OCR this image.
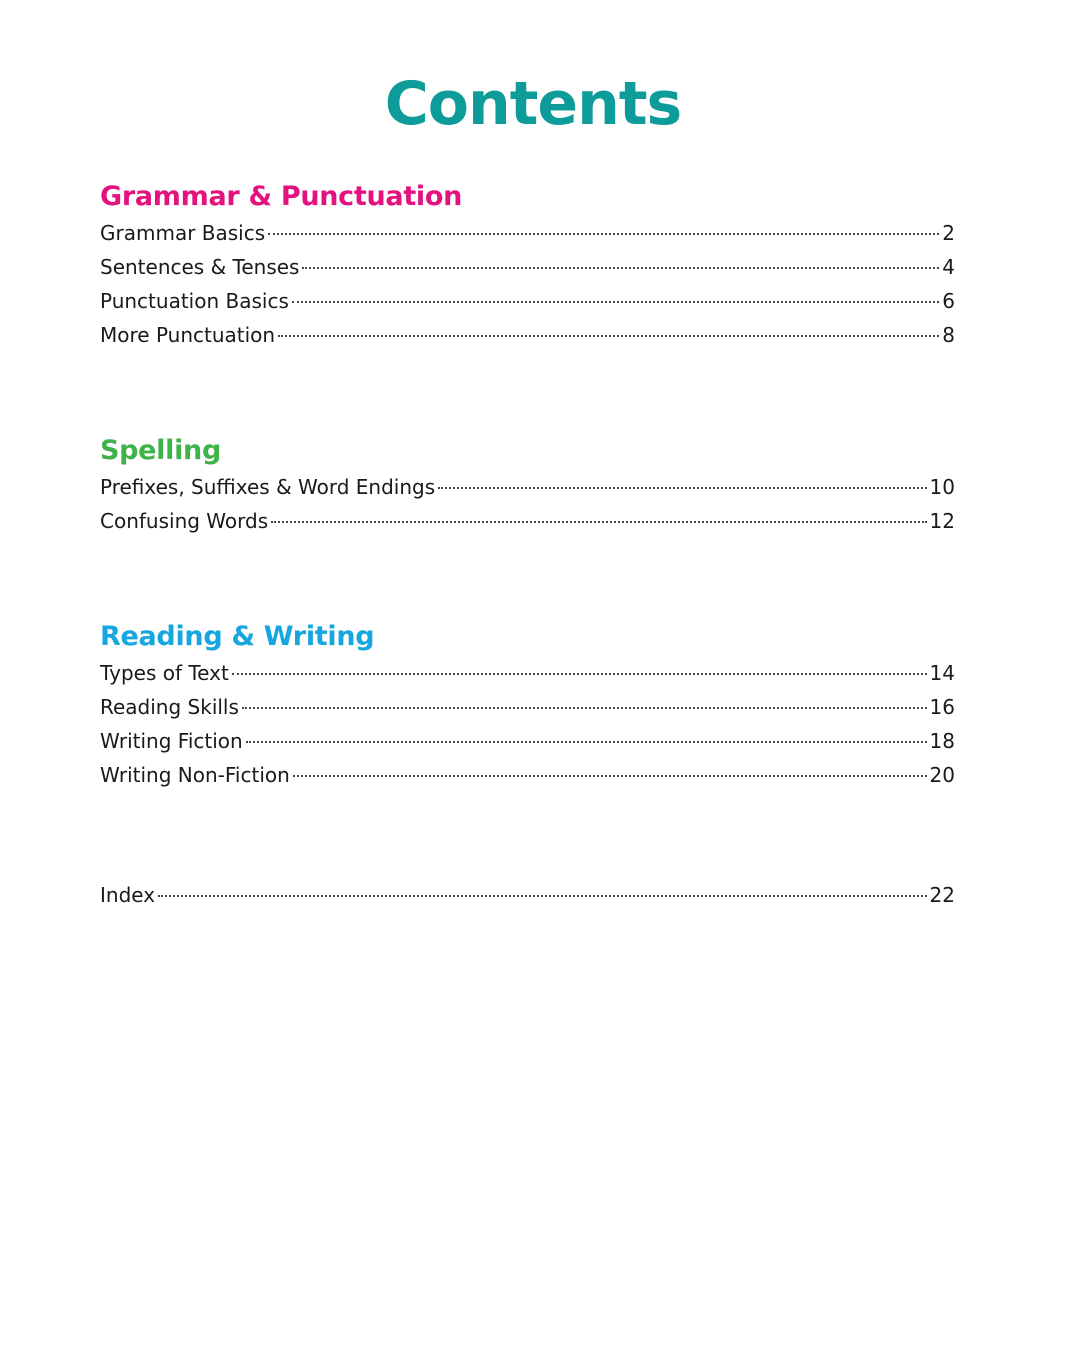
Contents
Grammar & Punctuation
Grammar Basics	2
Sentences & Tenses	4
Punctuation Basics	6
More Punctuation	8
Spelling
Prefixes, Suffixes & Word Endings	10
Confusing Words	12
Reading & Writing
Types of Text	14
Reading Skills	16
Writing Fiction	18
Writing Non-Fiction	20
Index	22
